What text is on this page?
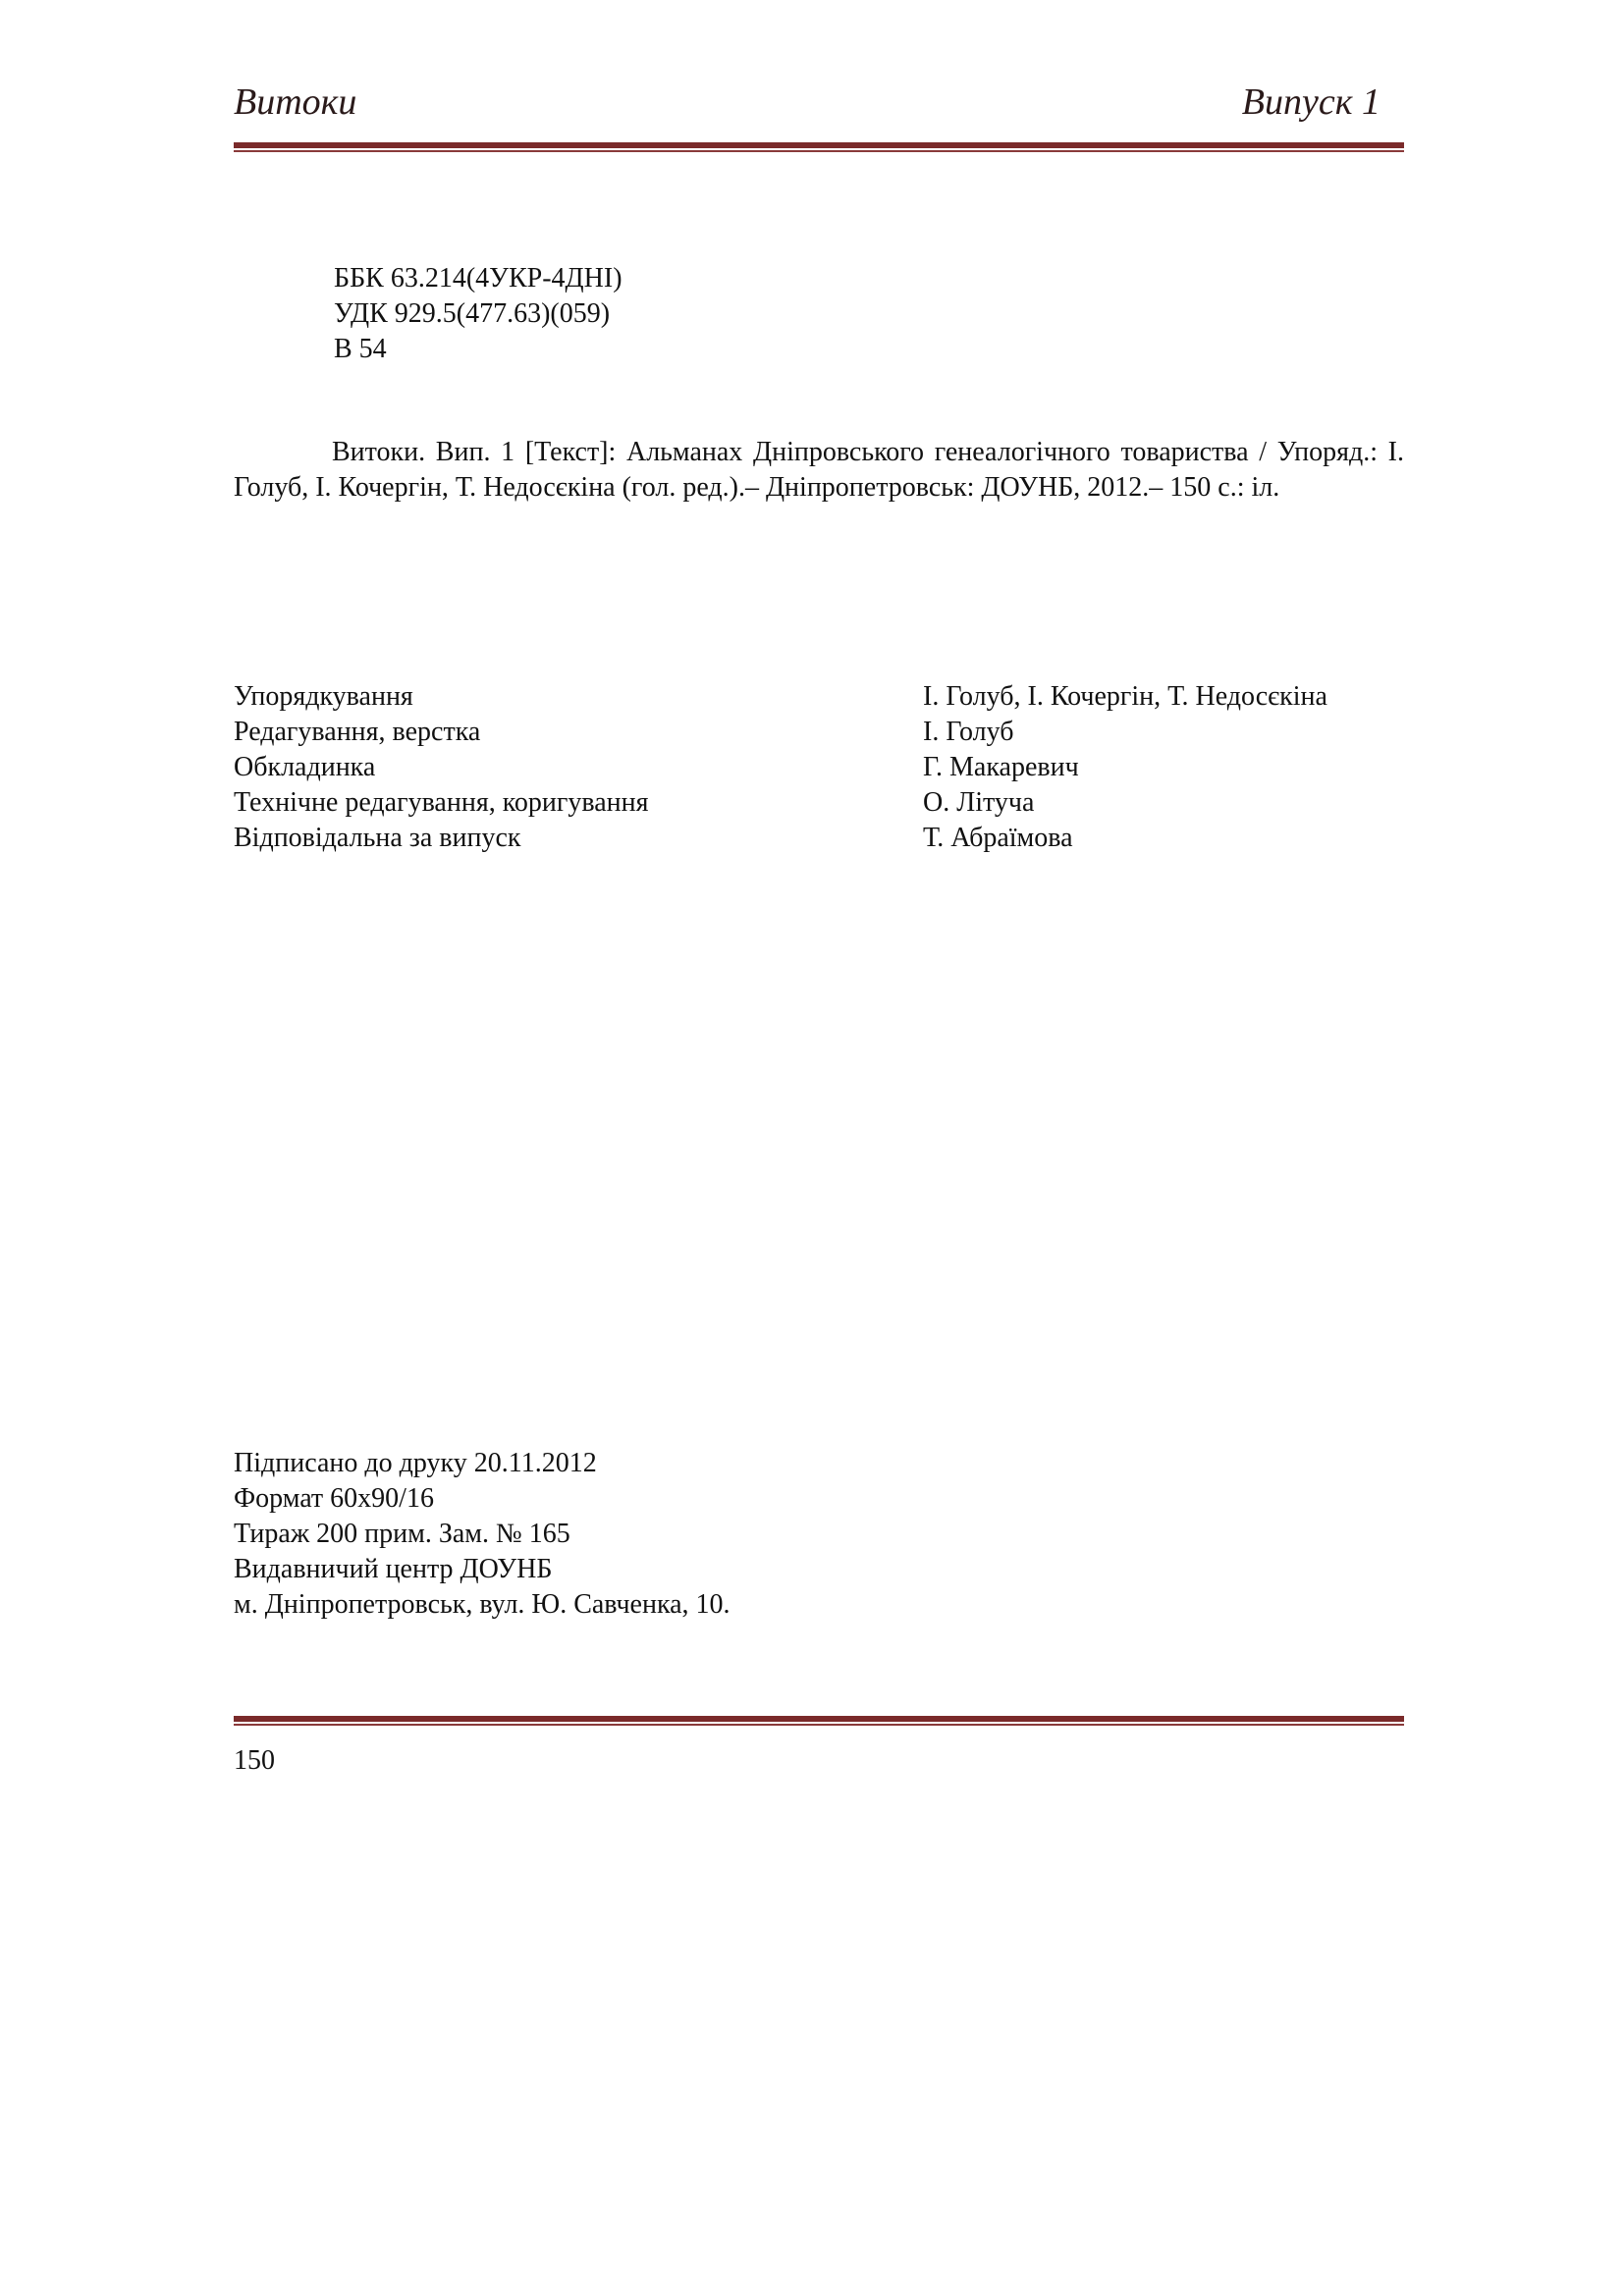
Витоки	Випуск 1
ББК 63.214(4УКР-4ДНІ)
УДК 929.5(477.63)(059)
В 54
Витоки. Вип. 1 [Текст]: Альманах Дніпровського генеалогічного товариства / Упоряд.: І. Голуб, І. Кочергін, Т. Недосєкіна (гол. ред.).– Дніпропетровськ: ДОУНБ, 2012.– 150 с.: іл.
Упорядкування	І. Голуб, І. Кочергін, Т. Недосєкіна
Редагування, верстка	І. Голуб
Обкладинка	Г. Макаревич
Технічне редагування, коригування	О. Літуча
Відповідальна за випуск	Т. Абраїмова
Підписано до друку 20.11.2012
Формат 60х90/16
Тираж 200 прим. Зам. № 165
Видавничий центр ДОУНБ
м. Дніпропетровськ, вул. Ю. Савченка, 10.
150
